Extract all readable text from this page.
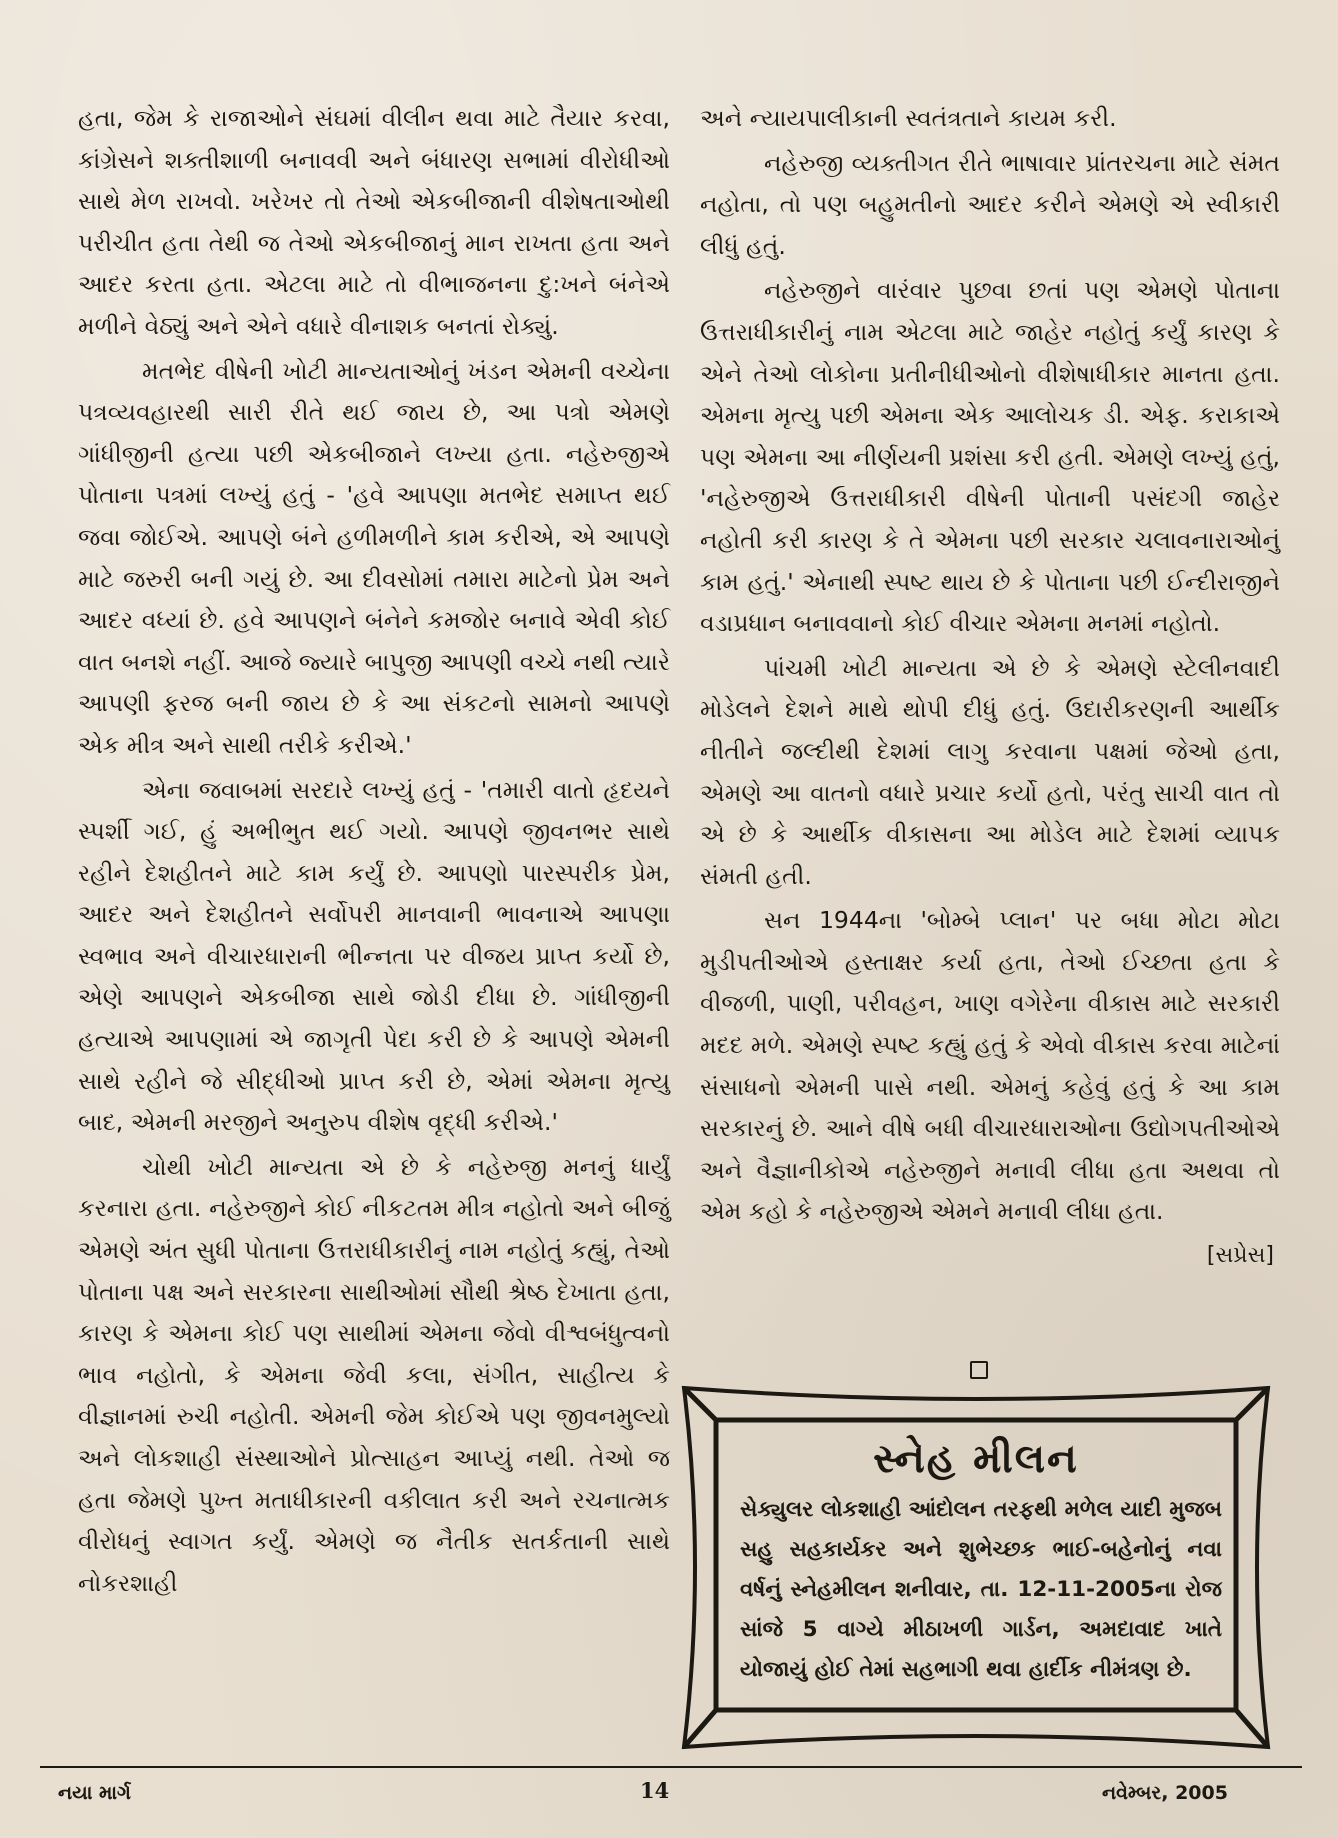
હતા, જેમ કે રાજાઓને સંઘમાં વીલીન થવા માટે તૈયાર કરવા, કાંગ્રેસને શક્તીશાળી બનાવવી અને બંધારણ સભામાં વીરોધીઓ સાથે મેળ રાખવો. ખરેખર તો તેઓ એકબીજાની વીશેષતાઓથી પરીચીત હતા તેથી જ તેઓ એકબીજાનું માન રાખતા હતા અને આદર કરતા હતા. એટલા માટે તો વીભાજનના દુ:ખને બંનેએ મળીને વેઠ્યું અને એને વધારે વીનાશક બનતાં રોક્યું.

મતભેદ વીષેની ખોટી માન્યતાઓનું ખંડન એમની વચ્ચેના પત્રવ્યવહારથી સારી રીતે થઈ જાય છે, આ પત્રો એમણે ગાંધીજીની હત્યા પછી એકબીજાને લખ્યા હતા. નહેરુજીએ પોતાના પત્રમાં લખ્યું હતું - 'હવે આપણા મતભેદ સમાપ્ત થઈ જવા જોઈએ. આપણે બંને હળીમળીને કામ કરીએ, એ આપણે માટે જરુરી બની ગયું છે. આ દીવસોમાં તમારા માટેનો પ્રેમ અને આદર વધ્યાં છે. હવે આપણને બંનેને કમજોર બનાવે એવી કોઈ વાત બનશે નહીં. આજે જ્યારે બાપુજી આપણી વચ્ચે નથી ત્યારે આપણી ફરજ બની જાય છે કે આ સંકટનો સામનો આપણે એક મીત્ર અને સાથી તરીકે કરીએ.'

એના જવાબમાં સરદારે લખ્યું હતું - 'તમારી વાતો હૃદયને સ્પર્શી ગઈ, હું અભીભુત થઈ ગયો. આપણે જીવનભર સાથે રહીને દેશહીતને માટે કામ કર્યું છે. આપણો પારસ્પરીક પ્રેમ, આદર અને દેશહીતને સર્વોપરી માનવાની ભાવનાએ આપણા સ્વભાવ અને વીચારધારાની ભીન્નતા પર વીજય પ્રાપ્ત કર્યો છે, એણે આપણને એકબીજા સાથે જોડી દીધા છે. ગાંધીજીની હત્યાએ આપણામાં એ જાગૃતી પેદા કરી છે કે આપણે એમની સાથે રહીને જે સીદ્ધીઓ પ્રાપ્ત કરી છે, એમાં એમના મૃત્યુ બાદ, એમની મરજીને અનુરુપ વીશેષ વૃદ્ધી કરીએ.'

ચોથી ખોટી માન્યતા એ છે કે નહેરુજી મનનું ધાર્યું કરનારા હતા. નહેરુજીને કોઈ નીકટતમ મીત્ર નહોતો અને બીજું એમણે અંત સુધી પોતાના ઉત્તરાધીકારીનું નામ નહોતું કહ્યું, તેઓ પોતાના પક્ષ અને સરકારના સાથીઓમાં સૌથી શ્રેષ્ઠ દેખાતા હતા, કારણ કે એમના કોઈ પણ સાથીમાં એમના જેવો વીશ્વબંધુત્વનો ભાવ નહોતો, કે એમના જેવી કલા, સંગીત, સાહીત્ય કે વીજ્ઞાનમાં રુચી નહોતી. એમની જેમ કોઈએ પણ જીવનમુલ્યો અને લોકશાહી સંસ્થાઓને પ્રોત્સાહન આપ્યું નથી. તેઓ જ હતા જેમણે પુખ્ત મતાધીકારની વકીલાત કરી અને રચનાત્મક વીરોધનું સ્વાગત કર્યું. એમણે જ નૈતીક સતર્કતાની સાથે નોકરશાહી

અને ન્યાયપાલીકાની સ્વતંત્રતાને કાયમ કરી.

નહેરુજી વ્યક્તીગત રીતે ભાષાવાર પ્રાંતરચના માટે સંમત નહોતા, તો પણ બહુમતીનો આદર કરીને એમણે એ સ્વીકારી લીધું હતું.

નહેરુજીને વારંવાર પુછવા છતાં પણ એમણે પોતાના ઉત્તરાધીકારીનું નામ એટલા માટે જાહેર નહોતું કર્યું કારણ કે એને તેઓ લોકોના પ્રતીનીધીઓનો વીશેષાધીકાર માનતા હતા. એમના મૃત્યુ પછી એમના એક આલોચક ડી. એફ. કરાકાએ પણ એમના આ નીર્ણયની પ્રશંસા કરી હતી. એમણે લખ્યું હતું, 'નહેરુજીએ ઉત્તરાધીકારી વીષેની પોતાની પસંદગી જાહેર નહોતી કરી કારણ કે તે એમના પછી સરકાર ચલાવનારાઓનું કામ હતું.' એનાથી સ્પષ્ટ થાય છે કે પોતાના પછી ઈન્દીરાજીને વડાપ્રધાન બનાવવાનો કોઈ વીચાર એમના મનમાં નહોતો.

પાંચમી ખોટી માન્યતા એ છે કે એમણે સ્ટેલીનવાદી મોડેલને દેશને માથે થોપી દીધું હતું. ઉદારીકરણની આર્થીક નીતીને જલ્દીથી દેશમાં લાગુ કરવાના પક્ષમાં જેઓ હતા, એમણે આ વાતનો વધારે પ્રચાર કર્યો હતો, પરંતુ સાચી વાત તો એ છે કે આર્થીક વીકાસના આ મોડેલ માટે દેશમાં વ્યાપક સંમતી હતી.

સન 1944ના 'બોમ્બે પ્લાન' પર બધા મોટા મોટા મુડીપતીઓએ હસ્તાક્ષર કર્યા હતા, તેઓ ઈચ્છતા હતા કે વીજળી, પાણી, પરીવહન, ખાણ વગેરેના વીકાસ માટે સરકારી મદદ મળે. એમણે સ્પષ્ટ કહ્યું હતું કે એવો વીકાસ કરવા માટેનાં સંસાધનો એમની પાસે નથી. એમનું કહેવું હતું કે આ કામ સરકારનું છે. આને વીષે બધી વીચારધારાઓના ઉદ્યોગપતીઓએ અને વૈજ્ઞાનીકોએ નહેરુજીને મનાવી લીધા હતા અથવા તો એમ કહો કે નહેરુજીએ એમને મનાવી લીધા હતા.

[સપ્રેસ]
સ્નેહ મીલન
સેક્યુલર લોકશાહી આંદોલન તરફથી મળેલ યાદી મુજબ સહુ સહકાર્યકર અને શુભેચ્છક ભાઈ-બહેનોનું નવા વર્ષનું સ્નેહમીલન શનીવાર, તા. 12-11-2005ના રોજ સાંજે 5 વાગ્યે મીઠાખળી ગાર્ડન, અમદાવાદ ખાતે યોજાયું હોઈ તેમાં સહભાગી થવા હાર્દીક નીમંત્રણ છે.
નયા માર્ગ	14	નવેમ્બર, 2005
